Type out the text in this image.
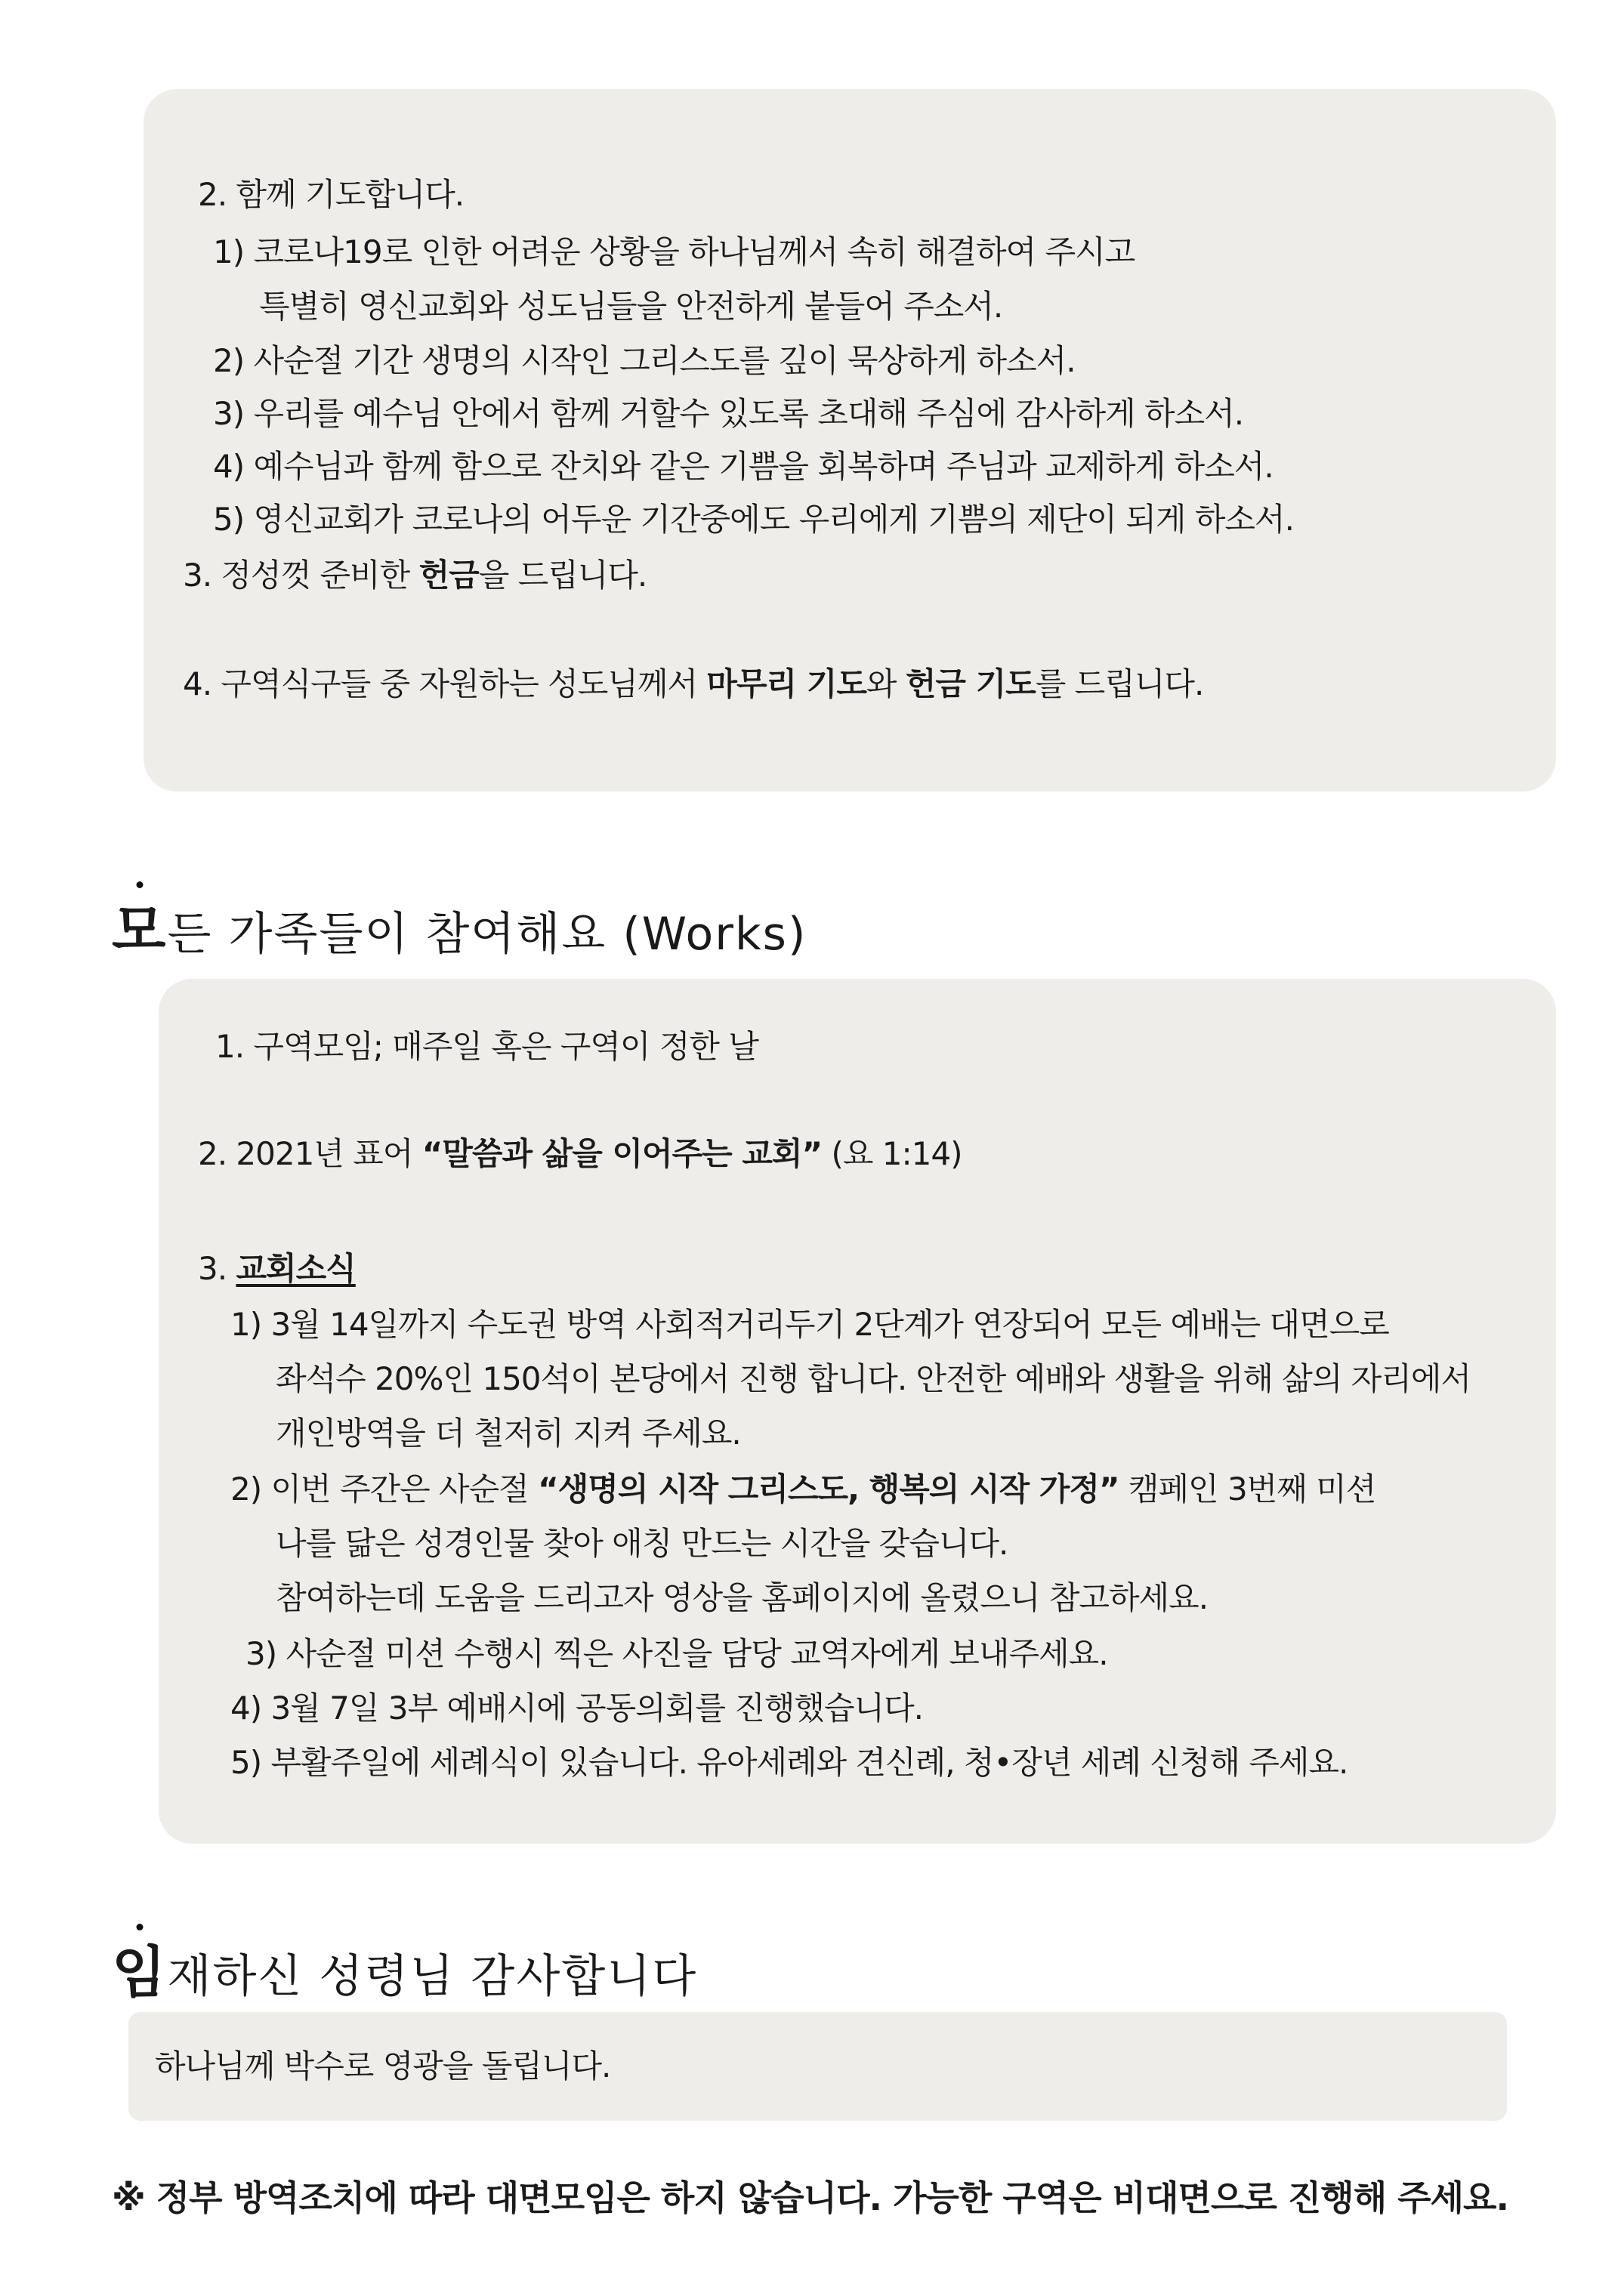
2. 함께 기도합니다.
1) 코로나19로 인한 어려운 상황을 하나님께서 속히 해결하여 주시고
특별히 영신교회와 성도님들을 안전하게 붙들어 주소서.
2) 사순절 기간 생명의 시작인 그리스도를 깊이 묵상하게 하소서.
3) 우리를 예수님 안에서 함께 거할수 있도록 초대해 주심에 감사하게 하소서.
4) 예수님과 함께 함으로 잔치와 같은 기쁨을 회복하며 주님과 교제하게 하소서.
5) 영신교회가 코로나의 어두운 기간중에도 우리에게 기쁨의 제단이 되게 하소서.
3. 정성껏 준비한 헌금을 드립니다.
4. 구역식구들 중 자원하는 성도님께서 마무리 기도와 헌금 기도를 드립니다.
모든 가족들이 참여해요 (Works)
1. 구역모임; 매주일 혹은 구역이 정한 날
2. 2021년 표어 “말씀과 삶을 이어주는 교회” (요 1:14)
3. 교회소식
1) 3월 14일까지 수도권 방역 사회적거리두기 2단계가 연장되어 모든 예배는 대면으로
좌석수 20%인 150석이 본당에서 진행 합니다. 안전한 예배와 생활을 위해 삶의 자리에서
개인방역을 더 철저히 지켜 주세요.
2) 이번 주간은 사순절 “생명의 시작 그리스도, 행복의 시작 가정” 캠페인 3번째 미션
나를 닮은 성경인물 찾아 애칭 만드는 시간을 갖습니다.
참여하는데 도움을 드리고자 영상을 홈페이지에 올렸으니 참고하세요.
3) 사순절 미션 수행시 찍은 사진을 담당 교역자에게 보내주세요.
4) 3월 7일 3부 예배시에 공동의회를 진행했습니다.
5) 부활주일에 세례식이 있습니다. 유아세례와 견신례, 청•장년 세례 신청해 주세요.
임재하신 성령님 감사합니다
하나님께 박수로 영광을 돌립니다.
※ 정부 방역조치에 따라 대면모임은 하지 않습니다. 가능한 구역은 비대면으로 진행해 주세요.
